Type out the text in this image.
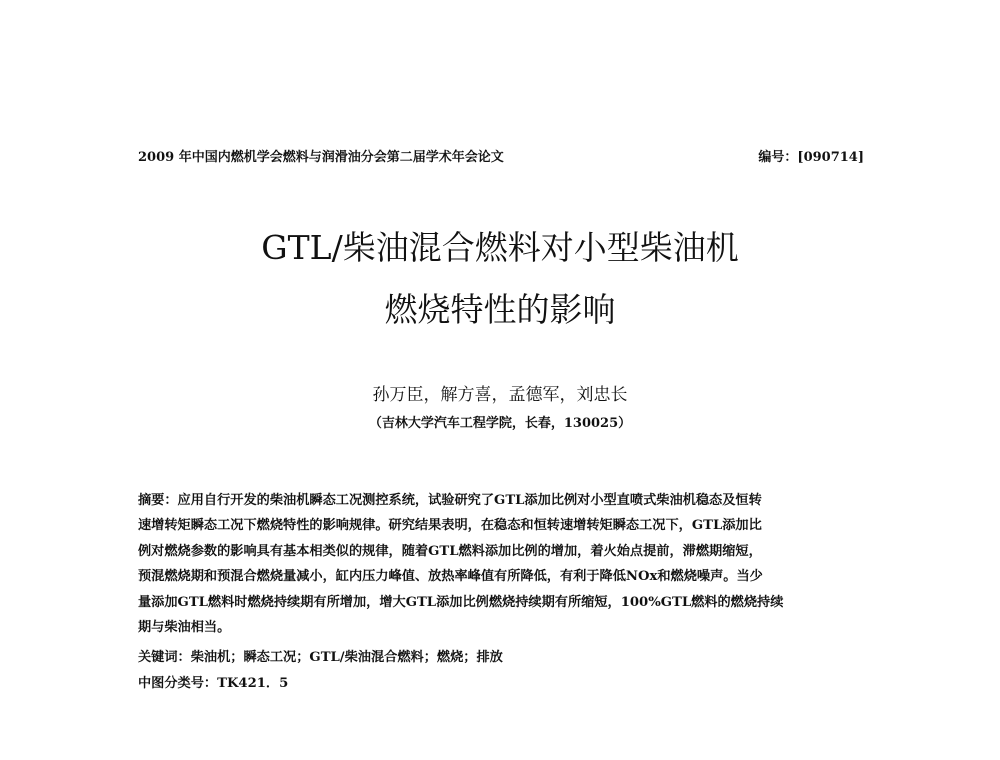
2009 年中国内燃机学会燃料与润滑油分会第二届学术年会论文	编号：[090714]
GTL/柴油混合燃料对小型柴油机
燃烧特性的影响
孙万臣，解方喜，孟德军，刘忠长
（吉林大学汽车工程学院，长春，130025）
摘要：应用自行开发的柴油机瞬态工况测控系统，试验研究了GTL添加比例对小型直喷式柴油机稳态及恒转
速增转矩瞬态工况下燃烧特性的影响规律。研究结果表明，在稳态和恒转速增转矩瞬态工况下，GTL添加比
例对燃烧参数的影响具有基本相类似的规律，随着GTL燃料添加比例的增加，着火始点提前，滞燃期缩短，
预混燃烧期和预混合燃烧量减小，缸内压力峰值、放热率峰值有所降低，有利于降低NOx和燃烧噪声。当少
量添加GTL燃料时燃烧持续期有所增加，增大GTL添加比例燃烧持续期有所缩短，100%GTL燃料的燃烧持续
期与柴油相当。
关键词：柴油机；瞬态工况；GTL/柴油混合燃料；燃烧；排放
中图分类号：TK421．5
